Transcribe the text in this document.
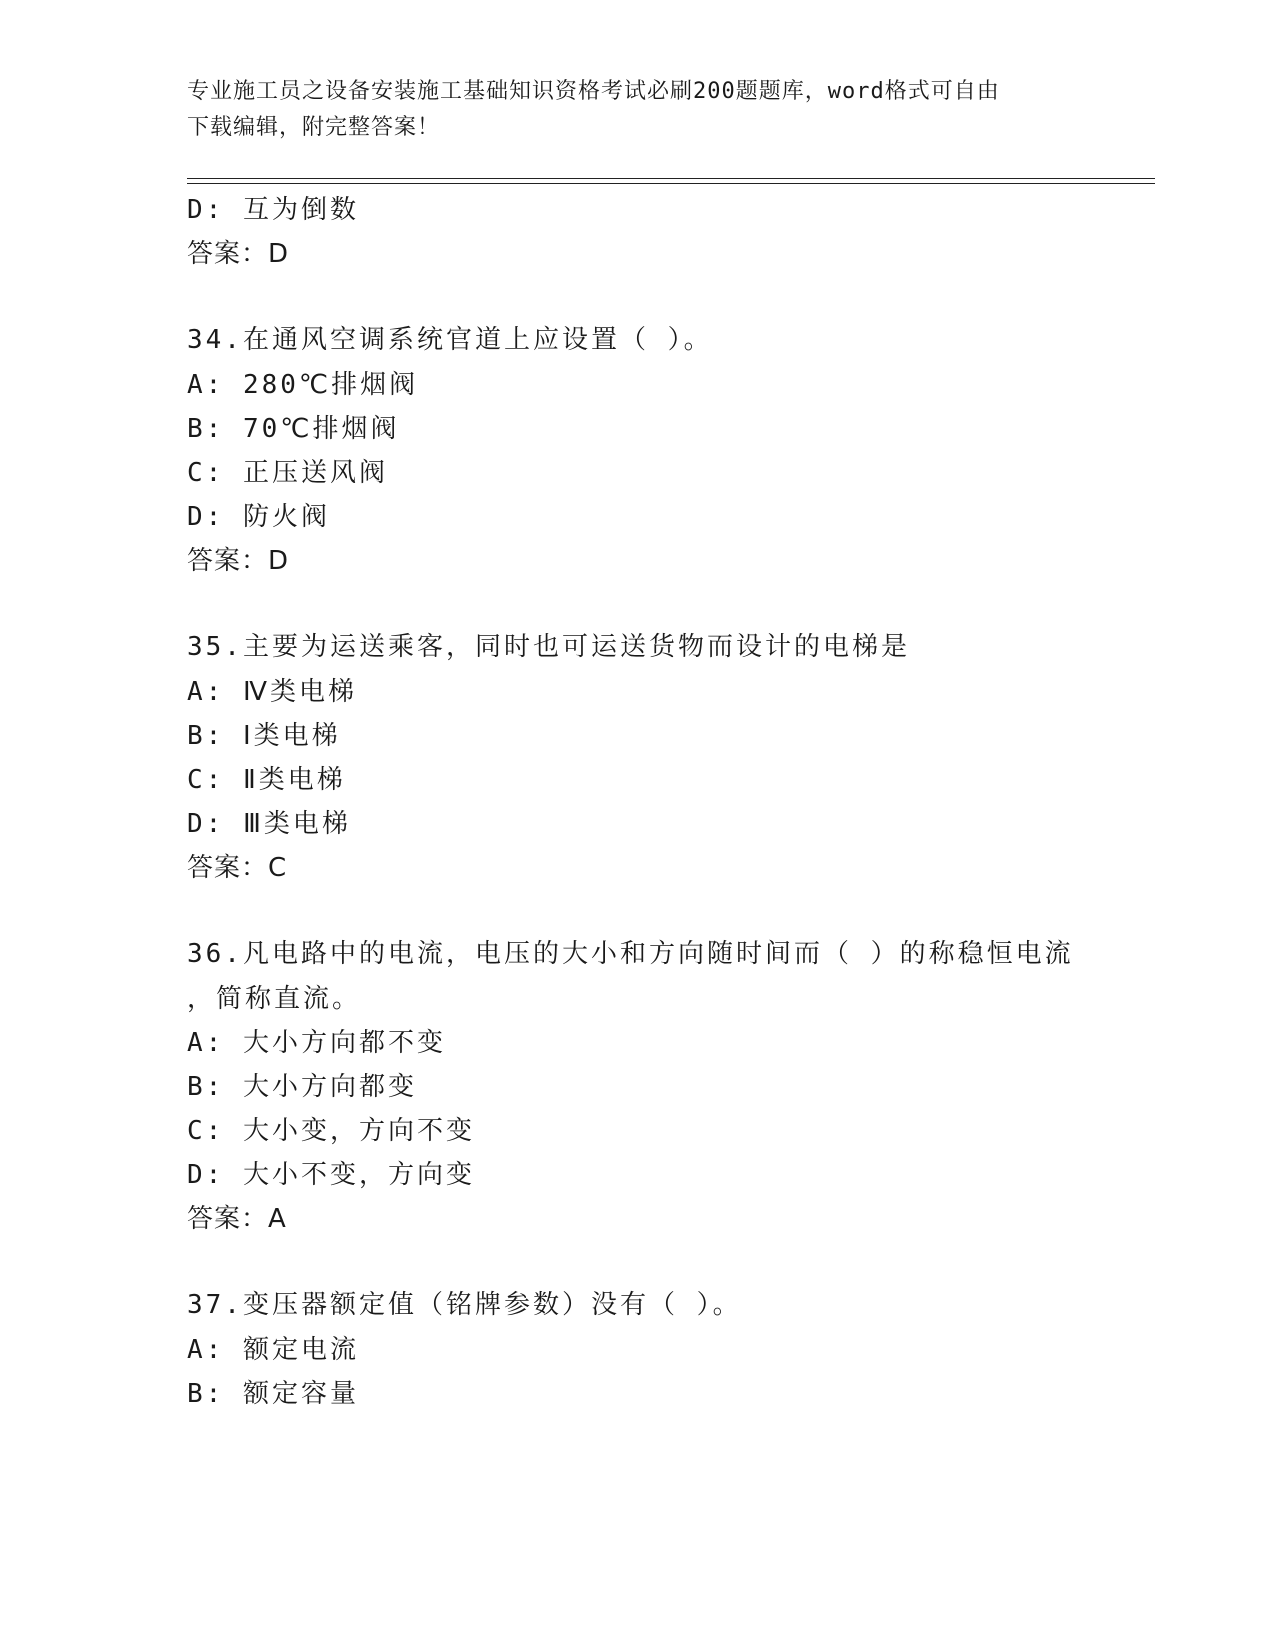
专业施工员之设备安装施工基础知识资格考试必刷200题题库，word格式可自由
下载编辑，附完整答案！
D: 互为倒数
答案：D
34.在通风空调系统官道上应设置（ ）。
A: 280℃排烟阀
B: 70℃排烟阀
C: 正压送风阀
D: 防火阀
答案：D
35.主要为运送乘客，同时也可运送货物而设计的电梯是
A: Ⅳ类电梯
B: Ⅰ类电梯
C: Ⅱ类电梯
D: Ⅲ类电梯
答案：C
36.凡电路中的电流，电压的大小和方向随时间而（ ）的称稳恒电流
，简称直流。
A: 大小方向都不变
B: 大小方向都变
C: 大小变，方向不变
D: 大小不变，方向变
答案：A
37.变压器额定值（铭牌参数）没有（ ）。
A: 额定电流
B: 额定容量
